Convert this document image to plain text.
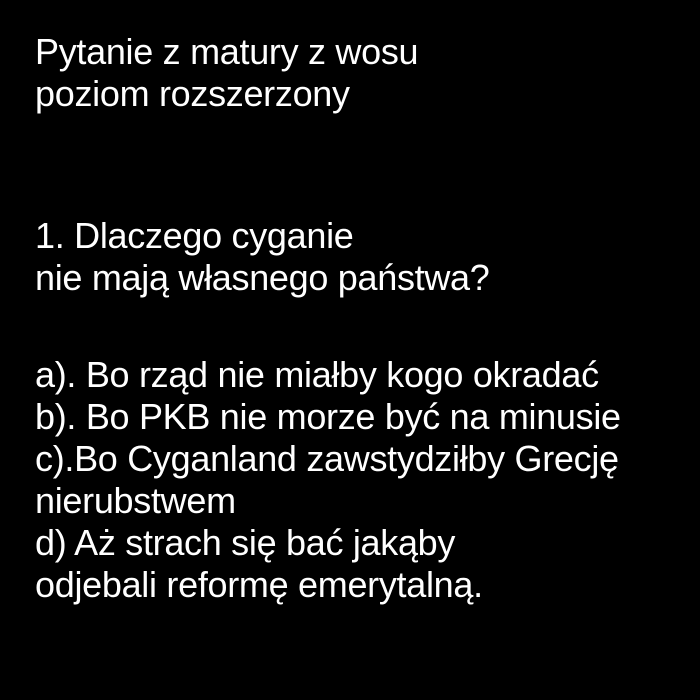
Pytanie z matury z wosu
poziom rozszerzony
1. Dlaczego cyganie
nie mają własnego państwa?
a). Bo rząd nie miałby kogo okradać
b). Bo PKB nie morze być na minusie
c).Bo Cyganland zawstydziłby Grecję
nierubstwem
d) Aż strach się bać jakąby
odjebali reformę emerytalną.
